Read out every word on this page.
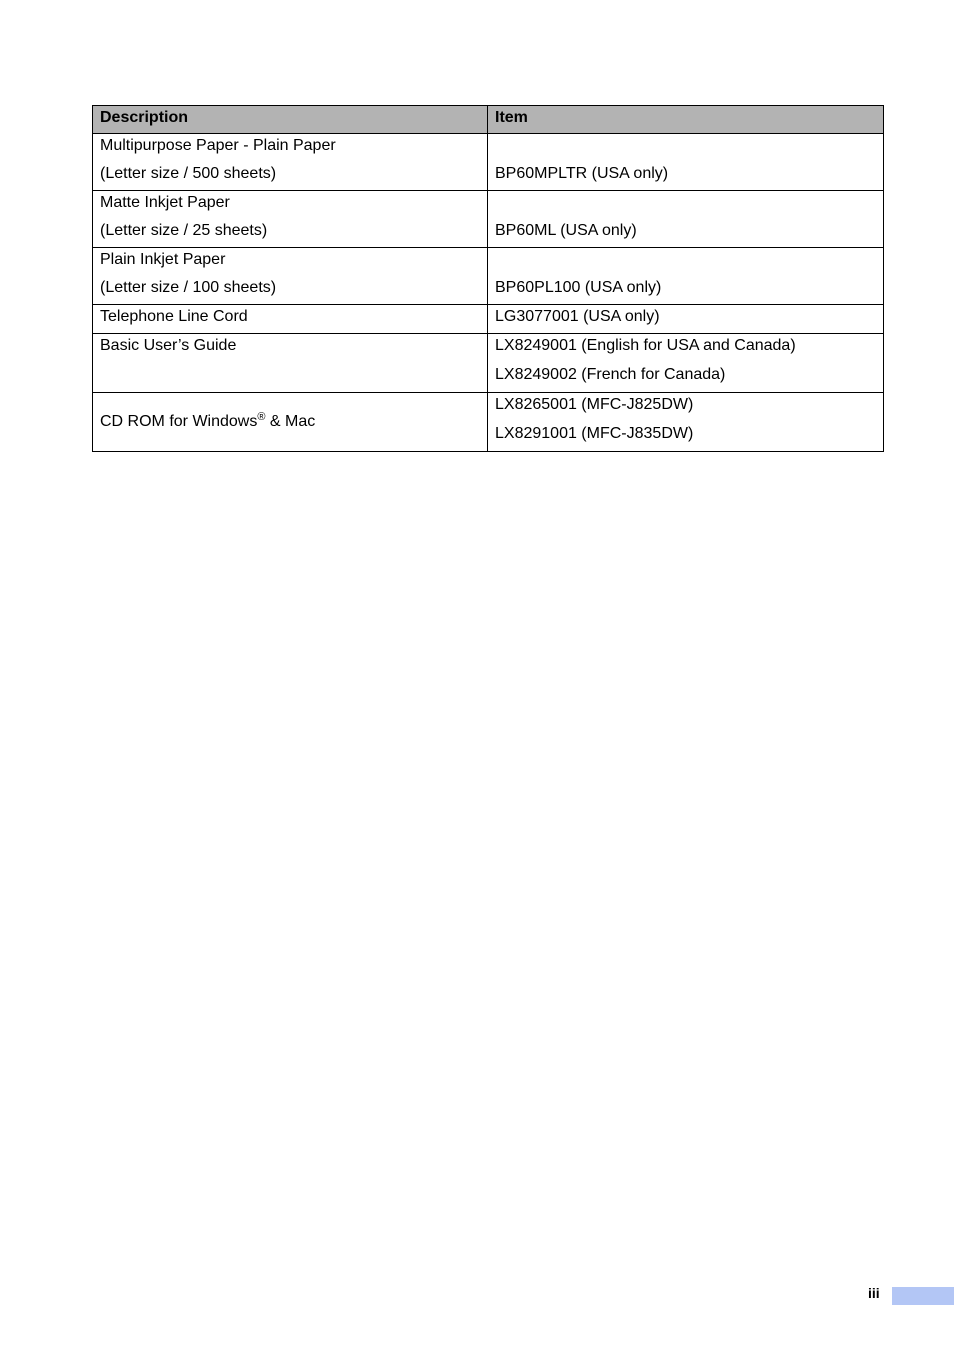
Description	Item

Multipurpose Paper - Plain Paper
(Letter size / 500 sheets)	BP60MPLTR (USA only)

Matte Inkjet Paper
(Letter size / 25 sheets)	BP60ML (USA only)

Plain Inkjet Paper
(Letter size / 100 sheets)	BP60PL100 (USA only)

Telephone Line Cord	LG3077001 (USA only)

Basic User’s Guide	LX8249001 (English for USA and Canada)
LX8249002 (French for Canada)

CD ROM for Windows® & Mac	LX8265001 (MFC-J825DW)
LX8291001 (MFC-J835DW)
iii
